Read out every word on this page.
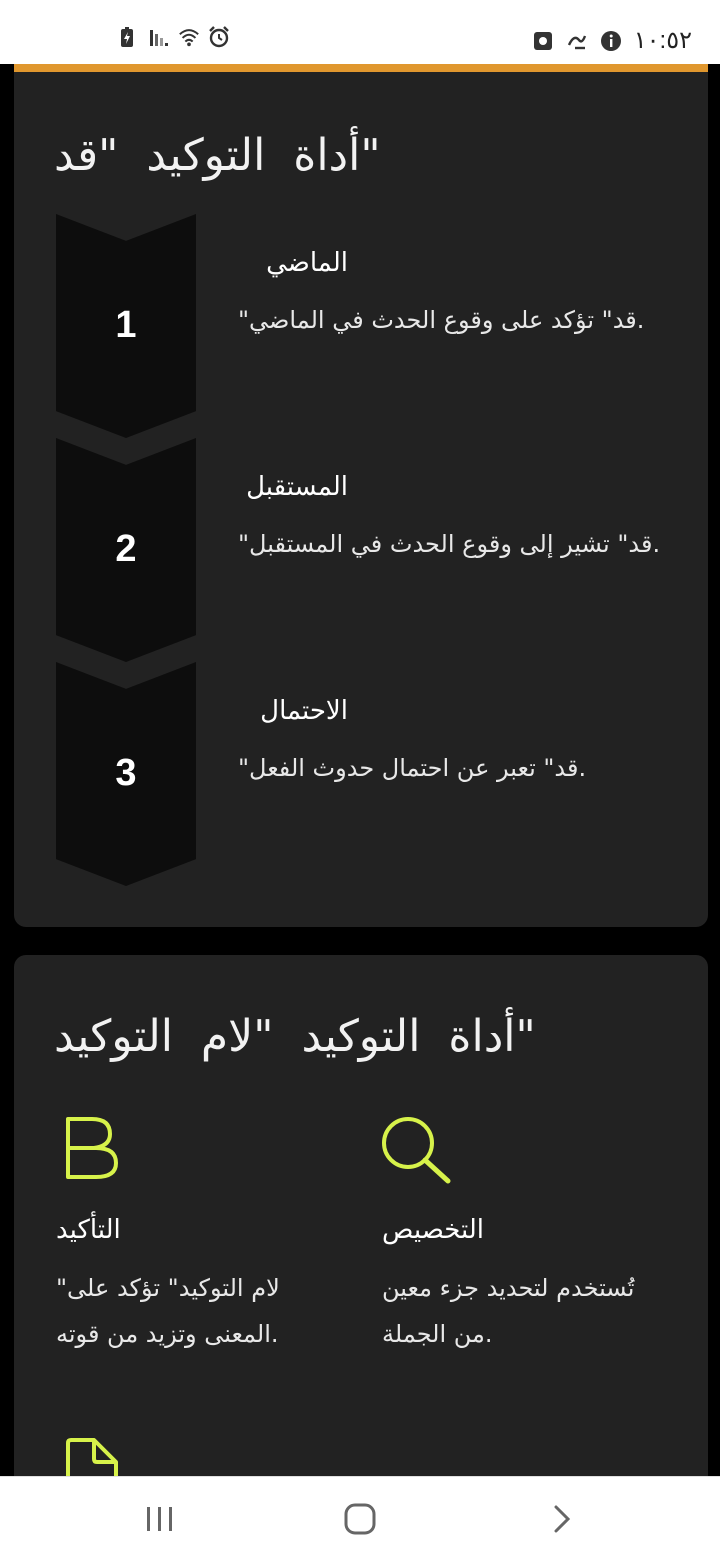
١٠:٥٢
"أداة  التوكيد  "قد
1
2
3
الماضي
"قد" تؤكد على وقوع الحدث في الماضي.
المستقبل
"قد" تشير إلى وقوع الحدث في المستقبل.
الاحتمال
"قد" تعبر عن احتمال حدوث الفعل.
"أداة  التوكيد  "لام  التوكيد
التأكيد
"لام التوكيد" تؤكد على
المعنى وتزيد من قوته.
التخصيص
تُستخدم لتحديد جزء معين
من الجملة.
